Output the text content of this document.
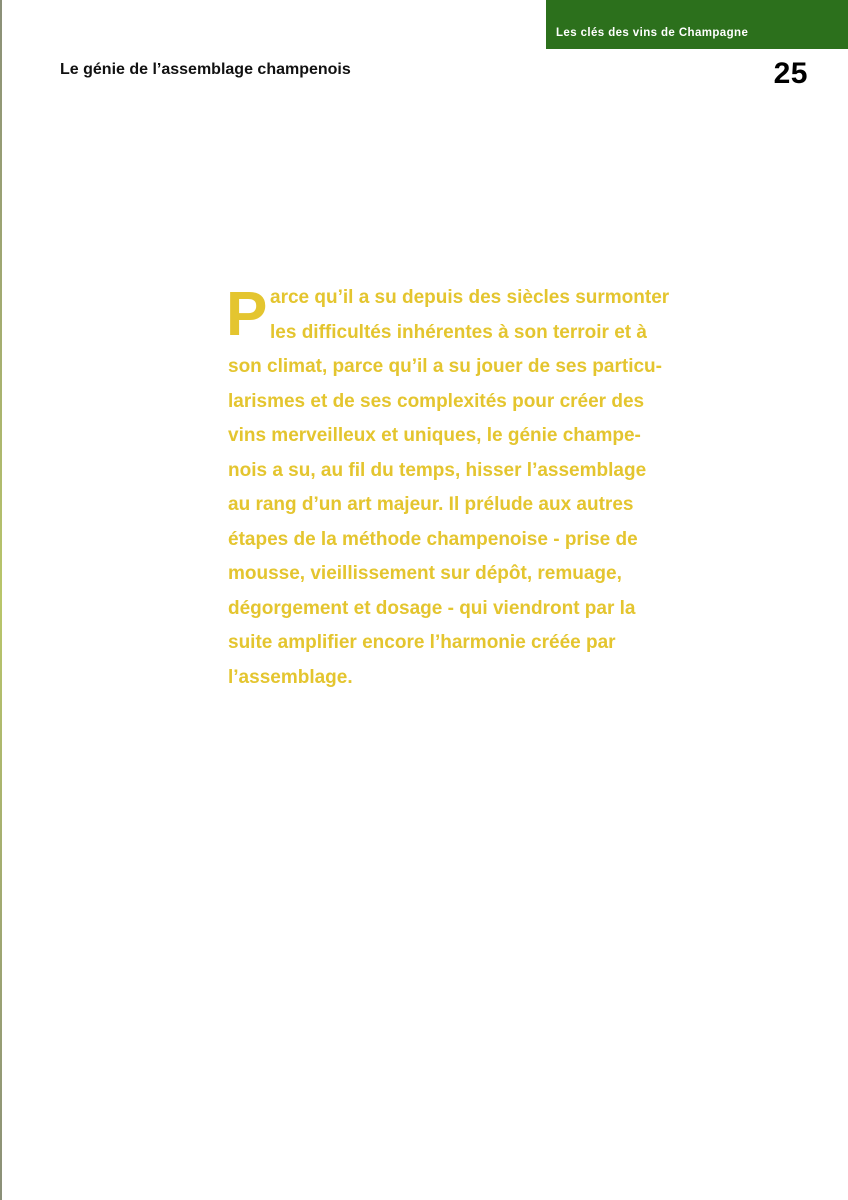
Les clés des vins de Champagne
Le génie de l’assemblage champenois	25
P arce qu’il a su depuis des siècles surmonter
les difficultés inhérentes à son terroir et à
son climat, parce qu’il a su jouer de ses particu-
larismes et de ses complexités pour créer des
vins merveilleux et uniques, le génie champe-
nois a su, au fil du temps, hisser l’assemblage
au rang d’un art majeur. Il prélude aux autres
étapes de la méthode champenoise - prise de
mousse, vieillissement sur dépôt, remuage,
dégorgement et dosage - qui viendront par la
suite amplifier encore l’harmonie créée par
l’assemblage.
